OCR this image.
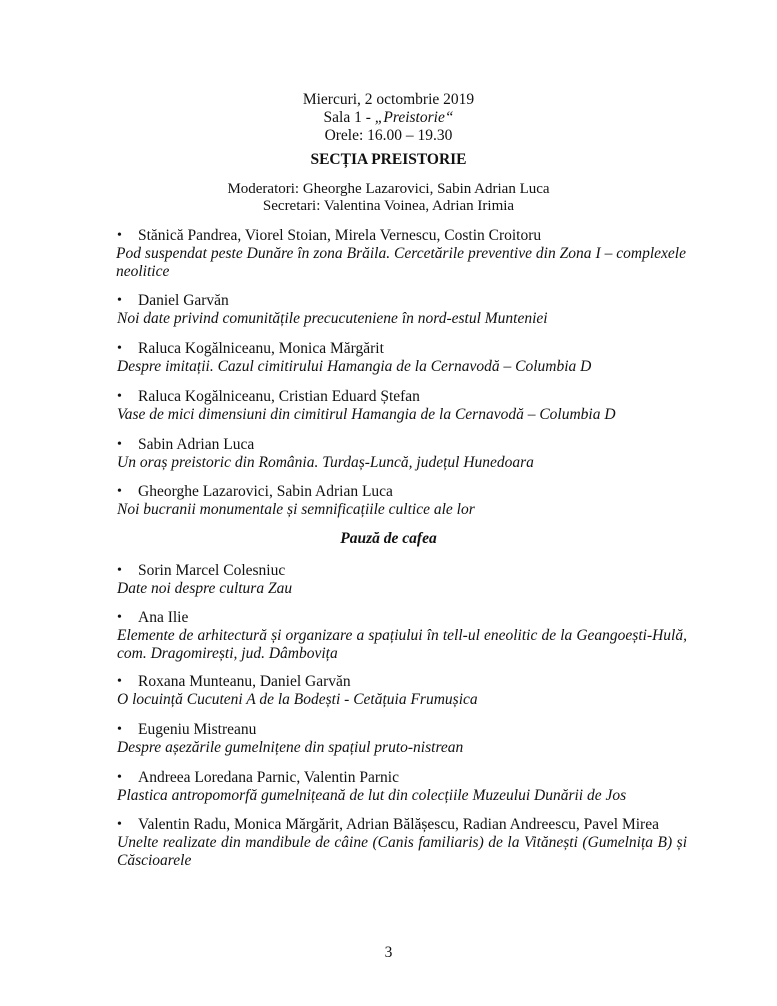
Miercuri, 2 octombrie 2019
Sala 1 - „Preistorie“
Orele: 16.00 – 19.30
SECȚIA PREISTORIE
Moderatori: Gheorghe Lazarovici, Sabin Adrian Luca
Secretari: Valentina Voinea, Adrian Irimia
• Stănică Pandrea, Viorel Stoian, Mirela Vernescu, Costin Croitoru
Pod suspendat peste Dunăre în zona Brăila. Cercetările preventive din Zona I – complexele neolitice
• Daniel Garvăn
Noi date privind comunitățile precucuteniene în nord-estul Munteniei
• Raluca Kogălniceanu, Monica Mărgărit
Despre imitații. Cazul cimitirului Hamangia de la Cernavodă – Columbia D
• Raluca Kogălniceanu, Cristian Eduard Ștefan
Vase de mici dimensiuni din cimitirul Hamangia de la Cernavodă – Columbia D
• Sabin Adrian Luca
Un oraș preistoric din România. Turdaș-Luncă, județul Hunedoara
• Gheorghe Lazarovici, Sabin Adrian Luca
Noi bucranii monumentale și semnificațiile cultice ale lor
Pauză de cafea
• Sorin Marcel Colesniuc
Date noi despre cultura Zau
• Ana Ilie
Elemente de arhitectură și organizare a spațiului în tell-ul eneolitic de la Geangoești-Hulă, com. Dragomirești, jud. Dâmbovița
• Roxana Munteanu, Daniel Garvăn
O locuință Cucuteni A de la Bodești - Cetățuia Frumușica
• Eugeniu Mistreanu
Despre așezările gumelnițene din spațiul pruto-nistrean
• Andreea Loredana Parnic, Valentin Parnic
Plastica antropomorfă gumelnițeană de lut din colecțiile Muzeului Dunării de Jos
• Valentin Radu, Monica Mărgărit, Adrian Bălășescu, Radian Andreescu, Pavel Mirea
Unelte realizate din mandibule de câine (Canis familiaris) de la Vitănești (Gumelnița B) și Căscioarele
3
